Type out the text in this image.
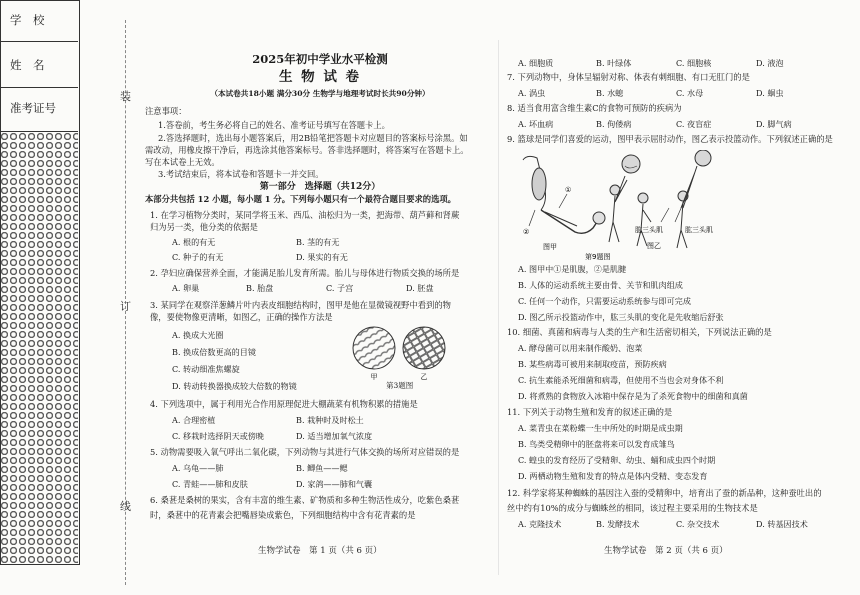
学　校
姓　名
准考证号
装
订
线
2025年初中学业水平检测
生 物 试 卷
（本试卷共18小题 满分30分 生物学与地理考试时长共90分钟）
注意事项：
1.答卷前，考生务必将自己的姓名、准考证号填写在答题卡上。
2.答选择题时，选出每小题答案后，用2B铅笔把答题卡对应题目的答案标号涂黑。如
需改动，用橡皮擦干净后，再选涂其他答案标号。答非选择题时，将答案写在答题卡上。
写在本试卷上无效。
3.考试结束后，将本试卷和答题卡一并交回。
第一部分　选择题（共12分）
本部分共包括 12 小题，每小题 1 分。下列每小题只有一个最符合题目要求的选项。
1. 在学习植物分类时，某同学将玉米、西瓜、油松归为一类，把海带、葫芦藓和肾蕨
归为另一类，他分类的依据是
A. 根的有无	B. 茎的有无
C. 种子的有无	D. 果实的有无
2. 孕妇应确保营养全面，才能满足胎儿发育所需。胎儿与母体进行物质交换的场所是
A. 卵巢	B. 胎盘	C. 子宫	D. 胚盘
3. 某同学在观察洋葱鳞片叶内表皮细胞结构时，图甲是他在显微镜视野中看到的物
像，要使物像更清晰，如图乙，正确的操作方法是
A. 换成大光圈
B. 换成倍数更高的目镜
C. 转动细准焦螺旋
D. 转动转换器换成较大倍数的物镜
甲	乙
第3题图
4. 下列选项中，属于利用光合作用原理促进大棚蔬菜有机物积累的措施是
A. 合理密植	B. 栽种时及时松土
C. 移栽时选择阴天或傍晚	D. 适当增加氧气浓度
5. 动物需要吸入氧气呼出二氧化碳，下列动物与其进行气体交换的场所对应错误的是
A. 乌龟——肺	B. 鲫鱼——鳃
C. 青蛙——肺和皮肤	D. 家鸽——肺和气囊
6. 桑葚是桑树的果实，含有丰富的维生素、矿物质和多种生物活性成分，吃紫色桑葚
时，桑葚中的花青素会把嘴唇染成紫色，下列细胞结构中含有花青素的是
生物学试卷　第 1 页（共 6 页）
A. 细胞质	B. 叶绿体	C. 细胞核	D. 液泡
7. 下列动物中，身体呈辐射对称、体表有刺细胞、有口无肛门的是
A. 涡虫	B. 水螅	C. 水母	D. 蛔虫
8. 适当食用富含维生素C的食物可预防的疾病为
A. 坏血病	B. 佝偻病	C. 夜盲症	D. 脚气病
9. 篮球是同学们喜爱的运动，图甲表示屈肘动作，图乙表示投篮动作。下列叙述正确的是
①
②	肱三头肌	肱三头肌
图甲	图乙
第9题图
A. 图甲中①是肌腹，②是肌腱
B. 人体的运动系统主要由骨、关节和肌肉组成
C. 任何一个动作，只需要运动系统参与即可完成
D. 图乙所示投篮动作中，肱三头肌的变化是先收缩后舒张
10. 细菌、真菌和病毒与人类的生产和生活密切相关，下列说法正确的是
A. 酵母菌可以用来制作酸奶、泡菜
B. 某些病毒可被用来制取疫苗，预防疾病
C. 抗生素能杀死细菌和病毒，但使用不当也会对身体不利
D. 将煮熟的食物放入冰箱中保存是为了杀死食物中的细菌和真菌
11. 下列关于动物生殖和发育的叙述正确的是
A. 菜青虫在菜粉蝶一生中所处的时期是成虫期
B. 鸟类受精卵中的胚盘将来可以发育成雏鸟
C. 蝗虫的发育经历了受精卵、幼虫、蛹和成虫四个时期
D. 两栖动物生殖和发育的特点是体内受精、变态发育
12. 科学家将某种蜘蛛的基因注入蚕的受精卵中，培育出了蚕的新品种，这种蚕吐出的
丝中约有10%的成分与蜘蛛丝的相同，该过程主要采用的生物技术是
A. 克隆技术	B. 发酵技术	C. 杂交技术	D. 转基因技术
生物学试卷　第 2 页（共 6 页）
